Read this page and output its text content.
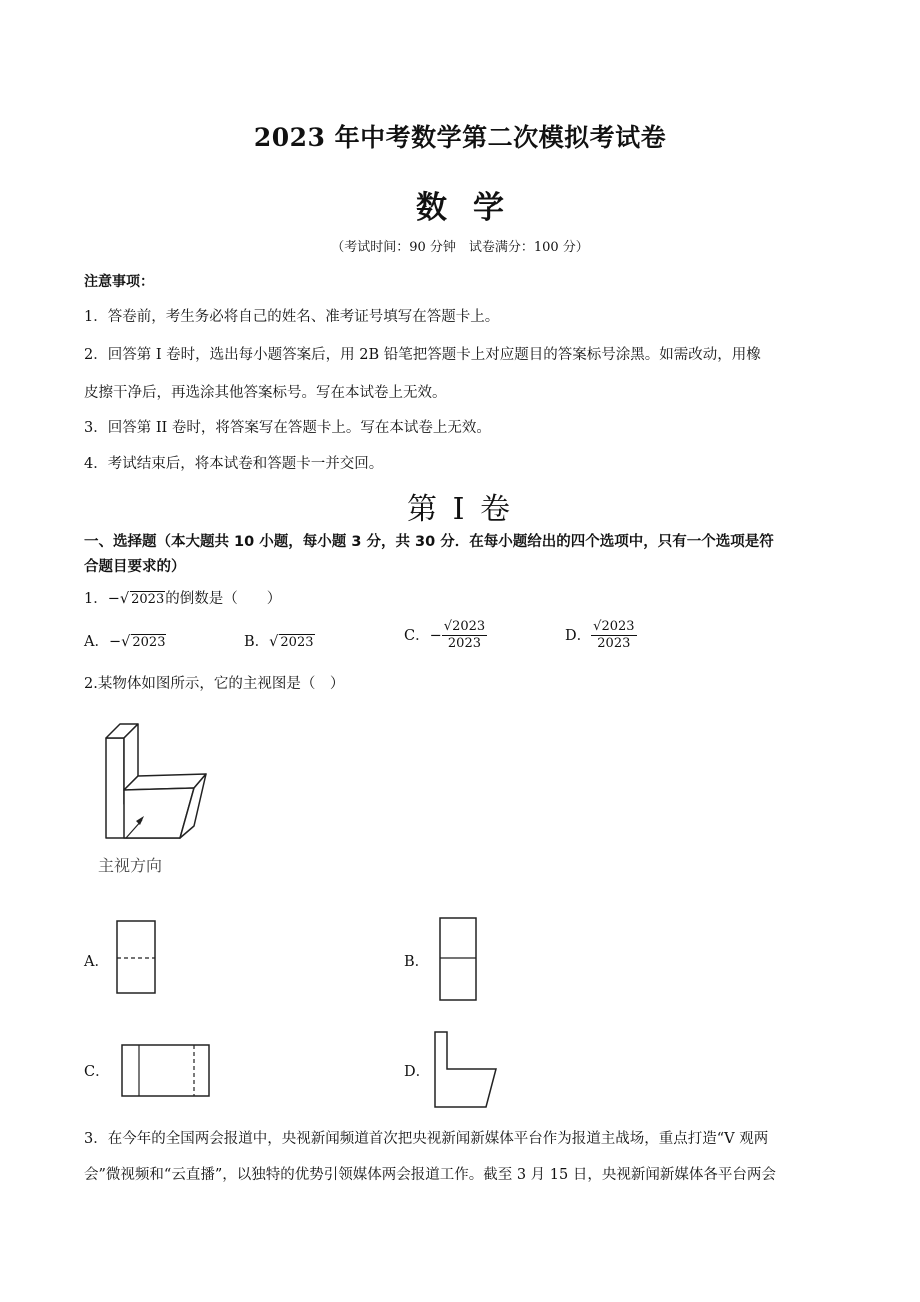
2023 年中考数学第二次模拟考试卷
数学
（考试时间：90 分钟　试卷满分：100 分）
注意事项：
1．答卷前，考生务必将自己的姓名、准考证号填写在答题卡上。
2．回答第 I 卷时，选出每小题答案后，用 2B 铅笔把答题卡上对应题目的答案标号涂黑。如需改动，用橡
皮擦干净后，再选涂其他答案标号。写在本试卷上无效。
3．回答第 II 卷时，将答案写在答题卡上。写在本试卷上无效。
4．考试结束后，将本试卷和答题卡一并交回。
第 I 卷
一、选择题（本大题共 10 小题，每小题 3 分，共 30 分．在每小题给出的四个选项中，只有一个选项是符
合题目要求的）
1．−√ 2023的倒数是（　　）
A．−√ 2023	B．√ 2023	C．− $\frac{√2023}{2023}$	D． $\frac{√2023}{2023}$
2.某物体如图所示，它的主视图是（　）
主视方向
A．	B．
C．	D．
3．在今年的全国两会报道中，央视新闻频道首次把央视新闻新媒体平台作为报道主战场，重点打造“V 观两
会”微视频和“云直播”，以独特的优势引领媒体两会报道工作。截至 3 月 15 日，央视新闻新媒体各平台两会
